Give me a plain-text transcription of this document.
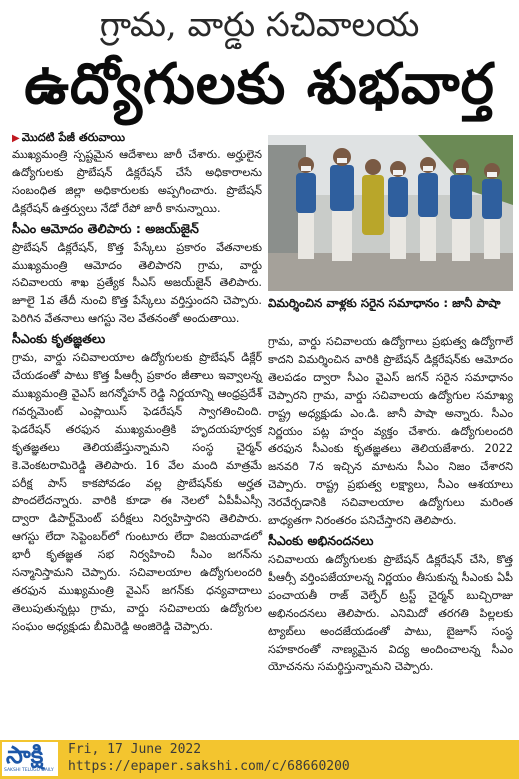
గ్రామ, వార్డు సచివాలయ
ఉద్యోగులకు శుభవార్త
▶ మొదటి పేజీ తరువాయి

ముఖ్యమంత్రి స్పష్టమైన ఆదేశాలు జారీ చేశారు. అర్హులైన ఉద్యోగులకు ప్రొబేషన్ డిక్లరేషన్ చేసే అధికారాలను సంబంధిత జిల్లా అధికారులకు అప్పగించారు. ప్రొబేషన్ డిక్లరేషన్ ఉత్తర్వులు నేడో రేపో జారీ కానున్నాయి.

సీఎం ఆమోదం తెలిపారు : అజయ్‌జైన్

ప్రొబేషన్ డిక్లరేషన్, కొత్త పేస్కేలు ప్రకారం వేతనాలకు ముఖ్యమంత్రి ఆమోదం తెలిపారని గ్రామ, వార్డు సచివాలయ శాఖ ప్రత్యేక సీఎస్ అజయ్‌జైన్ తెలిపారు. జూలై 1వ తేదీ నుంచి కొత్త పేస్కేలు వర్తిస్తుందని చెప్పారు. పెరిగిన వేతనాలు ఆగస్టు నెల వేతనంతో అందుతాయి.

సీఎంకు కృతజ్ఞతలు

గ్రామ, వార్డు సచివాలయాల ఉద్యోగులకు ప్రొబేషన్ డిక్లేర్ చేయడంతో పాటు కొత్త పీఆర్సీ ప్రకారం జీతాలు ఇవ్వాలన్న ముఖ్యమంత్రి వైఎస్ జగన్మోహన్ రెడ్డి నిర్ణయాన్ని ఆంధ్రప్రదేశ్ గవర్నమెంట్ ఎంప్లాయిస్ ఫెడరేషన్ స్వాగతించింది. ఫెడరేషన్ తరఫున ముఖ్యమంత్రికి హృదయపూర్వక కృతజ్ఞతలు తెలియజేస్తున్నామని సంస్థ చైర్మన్ కె.వెంకటరామిరెడ్డి తెలిపారు. 16 వేల మంది మాత్రమే పరీక్ష పాస్ కాకపోవడం వల్ల ప్రొబేషన్‌కు అర్హత పొందలేదన్నారు. వారికి కూడా ఈ నెలలో ఏపీపీఎస్సీ ద్వారా డిపార్ట్‌మెంట్ పరీక్షలు నిర్వహిస్తారని తెలిపారు. ఆగస్టు లేదా సెప్టెంబర్‌లో గుంటూరు లేదా విజయవాడలో భారీ కృతజ్ఞత సభ నిర్వహించి సీఎం జగన్‌ను సన్మానిస్తామని చెప్పారు. సచివాలయాల ఉద్యోగులందరి తరఫున ముఖ్యమంత్రి వైఎస్ జగన్‌కు ధన్యవాదాలు తెలుపుతున్నట్లు గ్రామ, వార్డు సచివాలయ ఉద్యోగుల సంఘం అధ్యక్షుడు బీమిరెడ్డి అంజిరెడ్డి చెప్పారు.

విమర్శించిన వాళ్లకు సరైన సమాధానం : జానీ పాషా

గ్రామ, వార్డు సచివాలయ ఉద్యోగాలు ప్రభుత్వ ఉద్యోగాలే కాదని విమర్శించిన వారికి ప్రొబేషన్ డిక్లరేషన్‌కు ఆమోదం తెలపడం ద్వారా సీఎం వైఎస్ జగన్ సరైన సమాధానం చెప్పారని గ్రామ, వార్డు సచివాలయ ఉద్యోగుల సమాఖ్య రాష్ట్ర అధ్యక్షుడు ఎం.డి. జానీ పాషా అన్నారు. సీఎం నిర్ణయం పట్ల హర్షం వ్యక్తం చేశారు. ఉద్యోగులందరి తరఫున సీఎంకు కృతజ్ఞతలు తెలియజేశారు. 2022 జనవరి 7న ఇచ్చిన మాటను సీఎం నిజం చేశారని చెప్పారు. రాష్ట్ర ప్రభుత్వ లక్ష్యాలు, సీఎం ఆశయాలు నెరవేర్చడానికి సచివాలయాల ఉద్యోగులు మరింత బాధ్యతగా నిరంతరం పనిచేస్తారని తెలిపారు.

సీఎంకు అభినందనలు

సచివాలయ ఉద్యోగులకు ప్రొబేషన్ డిక్లరేషన్ చేసి, కొత్త పీఆర్సీ వర్తింపజేయాలన్న నిర్ణయం తీసుకున్న సీఎంకు ఏపీ పంచాయతీ రాజ్ వెల్ఫేర్ ట్రస్ట్ చైర్మన్ బుచ్చిరాజు అభినందనలు తెలిపారు. ఎనిమిదో తరగతి పిల్లలకు ట్యాబ్‌లు అందజేయడంతో పాటు, బైజూస్ సంస్థ సహకారంతో నాణ్యమైన విద్య అందించాలన్న సీఎం యోచనను సమర్థిస్తున్నామని చెప్పారు.

సాక్షి
SAKSHI TELUGU DAILY
Fri, 17 June 2022
https://epaper.sakshi.com/c/68660200
